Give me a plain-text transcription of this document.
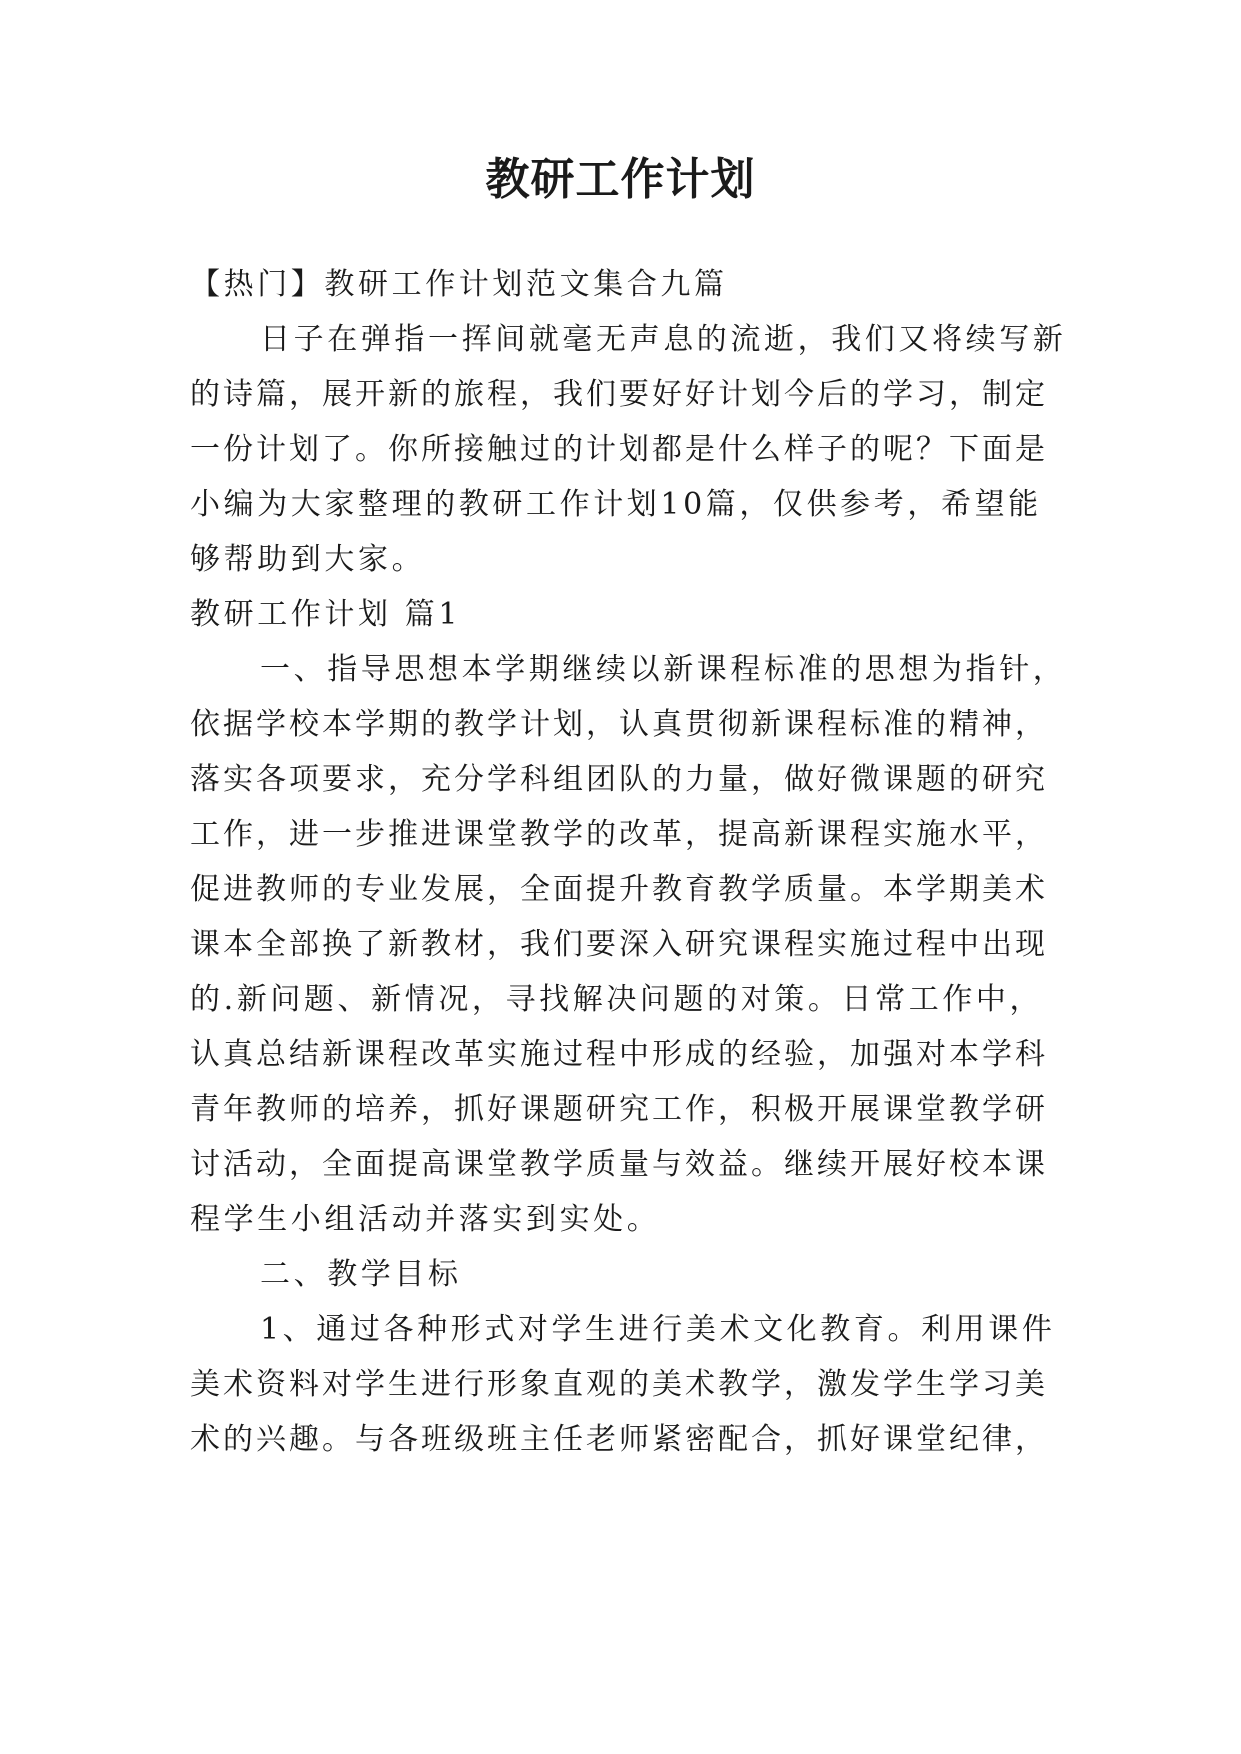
教研工作计划

【热门】教研工作计划范文集合九篇

日子在弹指一挥间就毫无声息的流逝，我们又将续写新

的诗篇，展开新的旅程，我们要好好计划今后的学习，制定

一份计划了。你所接触过的计划都是什么样子的呢？下面是

小编为大家整理的教研工作计划10篇，仅供参考，希望能

够帮助到大家。

教研工作计划 篇1

一、指导思想本学期继续以新课程标准的思想为指针，

依据学校本学期的教学计划，认真贯彻新课程标准的精神，

落实各项要求，充分学科组团队的力量，做好微课题的研究

工作，进一步推进课堂教学的改革，提高新课程实施水平，

促进教师的专业发展，全面提升教育教学质量。本学期美术

课本全部换了新教材，我们要深入研究课程实施过程中出现

的.新问题、新情况，寻找解决问题的对策。日常工作中，

认真总结新课程改革实施过程中形成的经验，加强对本学科

青年教师的培养，抓好课题研究工作，积极开展课堂教学研

讨活动，全面提高课堂教学质量与效益。继续开展好校本课

程学生小组活动并落实到实处。

二、教学目标

1、通过各种形式对学生进行美术文化教育。利用课件

美术资料对学生进行形象直观的美术教学，激发学生学习美

术的兴趣。与各班级班主任老师紧密配合，抓好课堂纪律，
